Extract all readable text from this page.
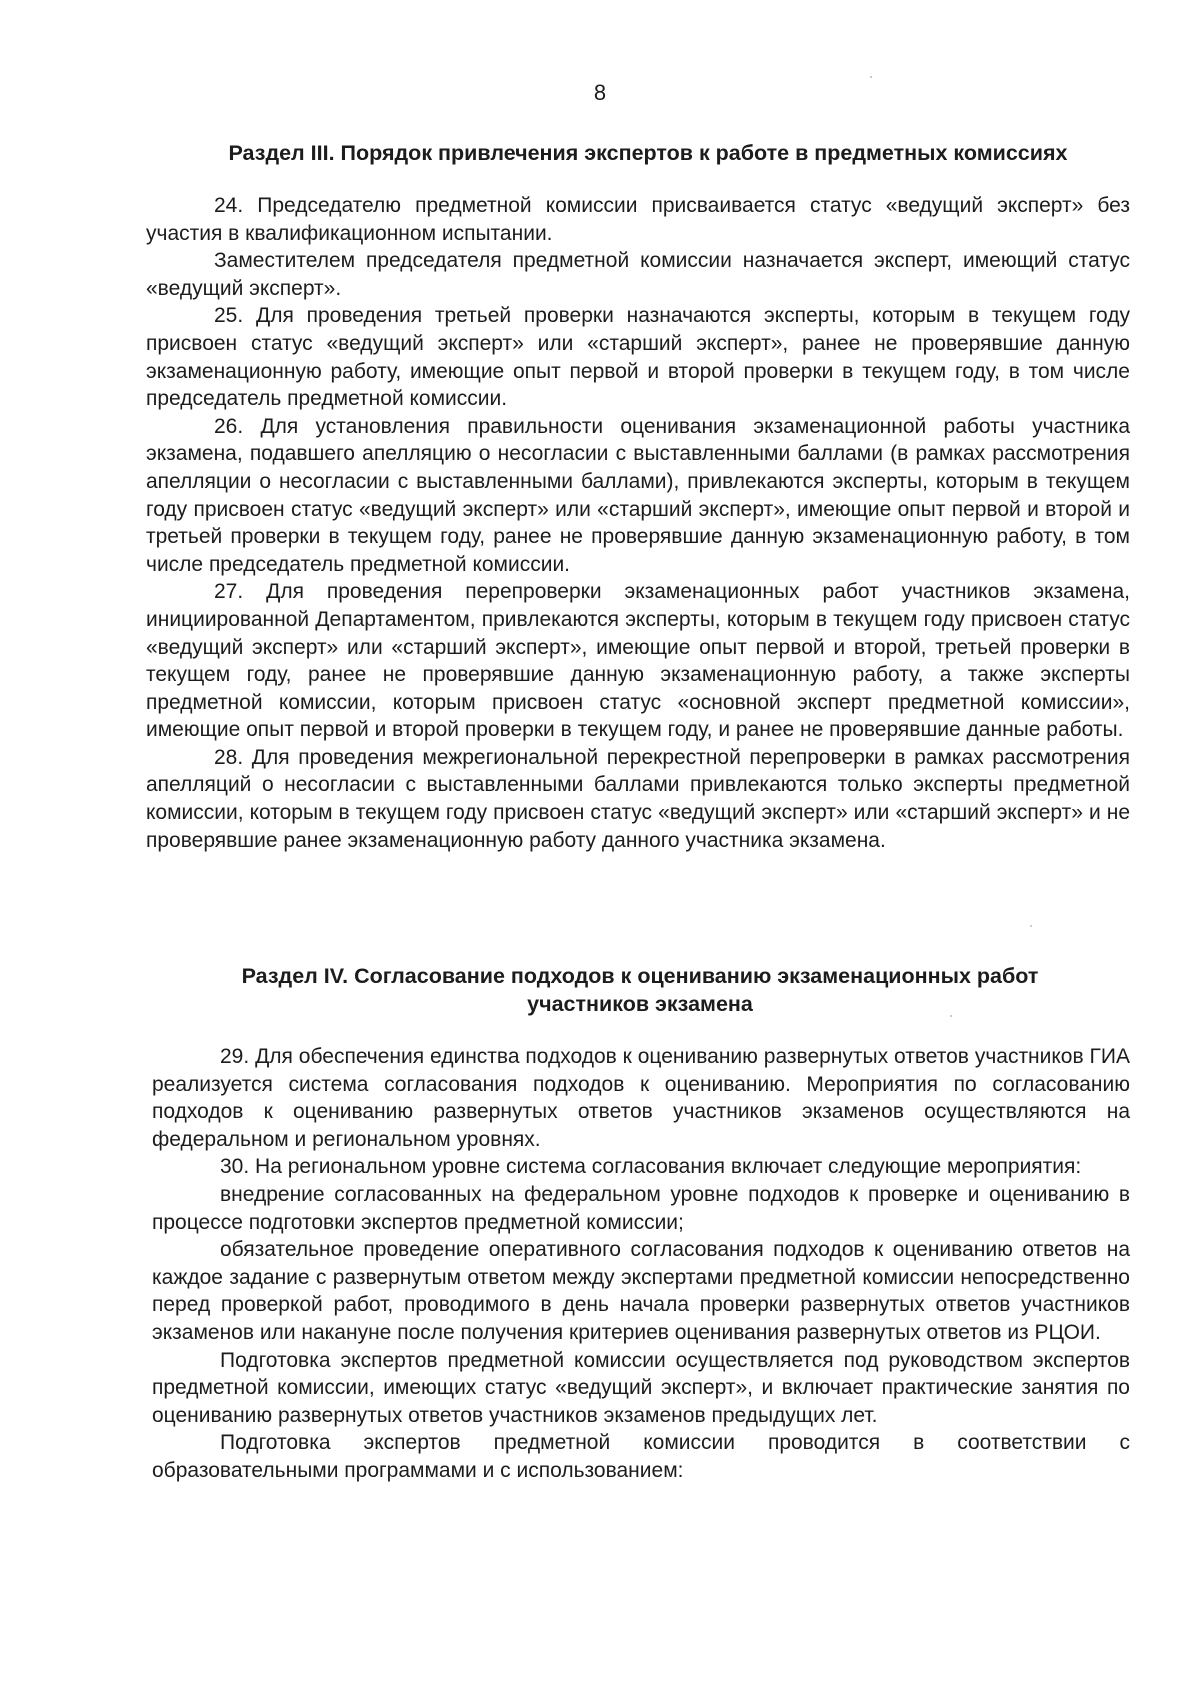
8
Раздел III. Порядок привлечения экспертов к работе в предметных комиссиях

24. Председателю предметной комиссии присваивается статус «ведущий эксперт» без участия в квалификационном испытании.

Заместителем председателя предметной комиссии назначается эксперт, имеющий статус «ведущий эксперт».

25. Для проведения третьей проверки назначаются эксперты, которым в текущем году присвоен статус «ведущий эксперт» или «старший эксперт», ранее не проверявшие данную экзаменационную работу, имеющие опыт первой и второй проверки в текущем году, в том числе председатель предметной комиссии.

26. Для установления правильности оценивания экзаменационной работы участника экзамена, подавшего апелляцию о несогласии с выставленными баллами (в рамках рассмотрения апелляции о несогласии с выставленными баллами), привлекаются эксперты, которым в текущем году присвоен статус «ведущий эксперт» или «старший эксперт», имеющие опыт первой и второй и третьей проверки в текущем году, ранее не проверявшие данную экзаменационную работу, в том числе председатель предметной комиссии.

27. Для проведения перепроверки экзаменационных работ участников экзамена, инициированной Департаментом, привлекаются эксперты, которым в текущем году присвоен статус «ведущий эксперт» или «старший эксперт», имеющие опыт первой и второй, третьей проверки в текущем году, ранее не проверявшие данную экзаменационную работу, а также эксперты предметной комиссии, которым присвоен статус «основной эксперт предметной комиссии», имеющие опыт первой и второй проверки в текущем году, и ранее не проверявшие данные работы.

28. Для проведения межрегиональной перекрестной перепроверки в рамках рассмотрения апелляций о несогласии с выставленными баллами привлекаются только эксперты предметной комиссии, которым в текущем году присвоен статус «ведущий эксперт» или «старший эксперт» и не проверявшие ранее экзаменационную работу данного участника экзамена.

Раздел IV. Согласование подходов к оцениванию экзаменационных работ
участников экзамена

29. Для обеспечения единства подходов к оцениванию развернутых ответов участников ГИА реализуется система согласования подходов к оцениванию. Мероприятия по согласованию подходов к оцениванию развернутых ответов участников экзаменов осуществляются на федеральном и региональном уровнях.

30. На региональном уровне система согласования включает следующие мероприятия:

внедрение согласованных на федеральном уровне подходов к проверке и оцениванию в процессе подготовки экспертов предметной комиссии;

обязательное проведение оперативного согласования подходов к оцениванию ответов на каждое задание с развернутым ответом между экспертами предметной комиссии непосредственно перед проверкой работ, проводимого в день начала проверки развернутых ответов участников экзаменов или накануне после получения критериев оценивания развернутых ответов из РЦОИ.

Подготовка экспертов предметной комиссии осуществляется под руководством экспертов предметной комиссии, имеющих статус «ведущий эксперт», и включает практические занятия по оцениванию развернутых ответов участников экзаменов предыдущих лет.

Подготовка экспертов предметной комиссии проводится в соответствии с образовательными программами и с использованием:
